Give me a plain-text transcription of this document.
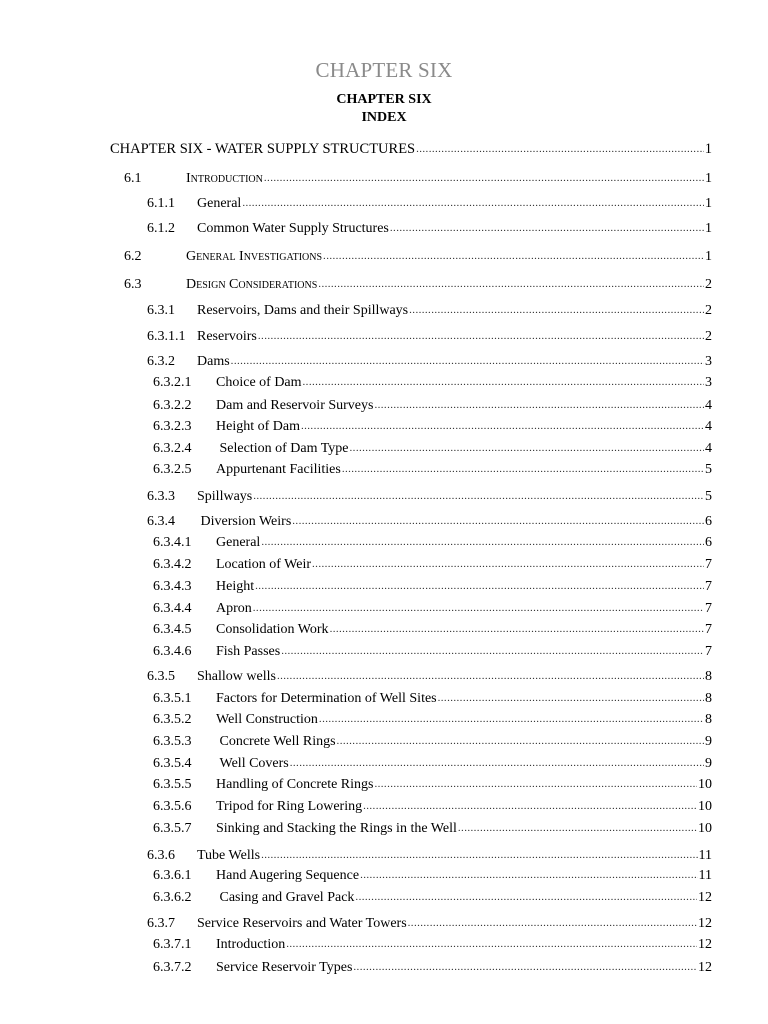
CHAPTER SIX
CHAPTER SIX
INDEX
CHAPTER SIX - WATER SUPPLY STRUCTURES .....	1
6.1	Introduction .....	1
6.1.1	General .....	1
6.1.2	Common Water Supply Structures .....	1
6.2	General Investigations .....	1
6.3	Design Considerations .....	2
6.3.1	Reservoirs, Dams and their Spillways .....	2
6.3.1.1 Reservoirs .....	2
6.3.2	Dams .....	3
6.3.2.1	Choice of Dam .....	3
6.3.2.2	Dam and Reservoir Surveys .....	4
6.3.2.3	Height of Dam .....	4
6.3.2.4	Selection of Dam Type .....	4
6.3.2.5	Appurtenant Facilities .....	5
6.3.3	Spillways .....	5
6.3.4	Diversion Weirs .....	6
6.3.4.1	General .....	6
6.3.4.2	Location of Weir .....	7
6.3.4.3	Height .....	7
6.3.4.4	Apron .....	7
6.3.4.5	Consolidation Work .....	7
6.3.4.6	Fish Passes .....	7
6.3.5	Shallow wells .....	8
6.3.5.1	Factors for Determination of Well Sites .....	8
6.3.5.2	Well Construction .....	8
6.3.5.3	Concrete Well Rings .....	9
6.3.5.4	Well Covers .....	9
6.3.5.5	Handling of Concrete Rings .....	10
6.3.5.6	Tripod for Ring Lowering .....	10
6.3.5.7	Sinking and Stacking the Rings in the Well .....	10
6.3.6	Tube Wells .....	11
6.3.6.1	Hand Augering Sequence .....	11
6.3.6.2	Casing and Gravel Pack .....	12
6.3.7	Service Reservoirs and Water Towers .....	12
6.3.7.1	Introduction .....	12
6.3.7.2	Service Reservoir Types .....	12
